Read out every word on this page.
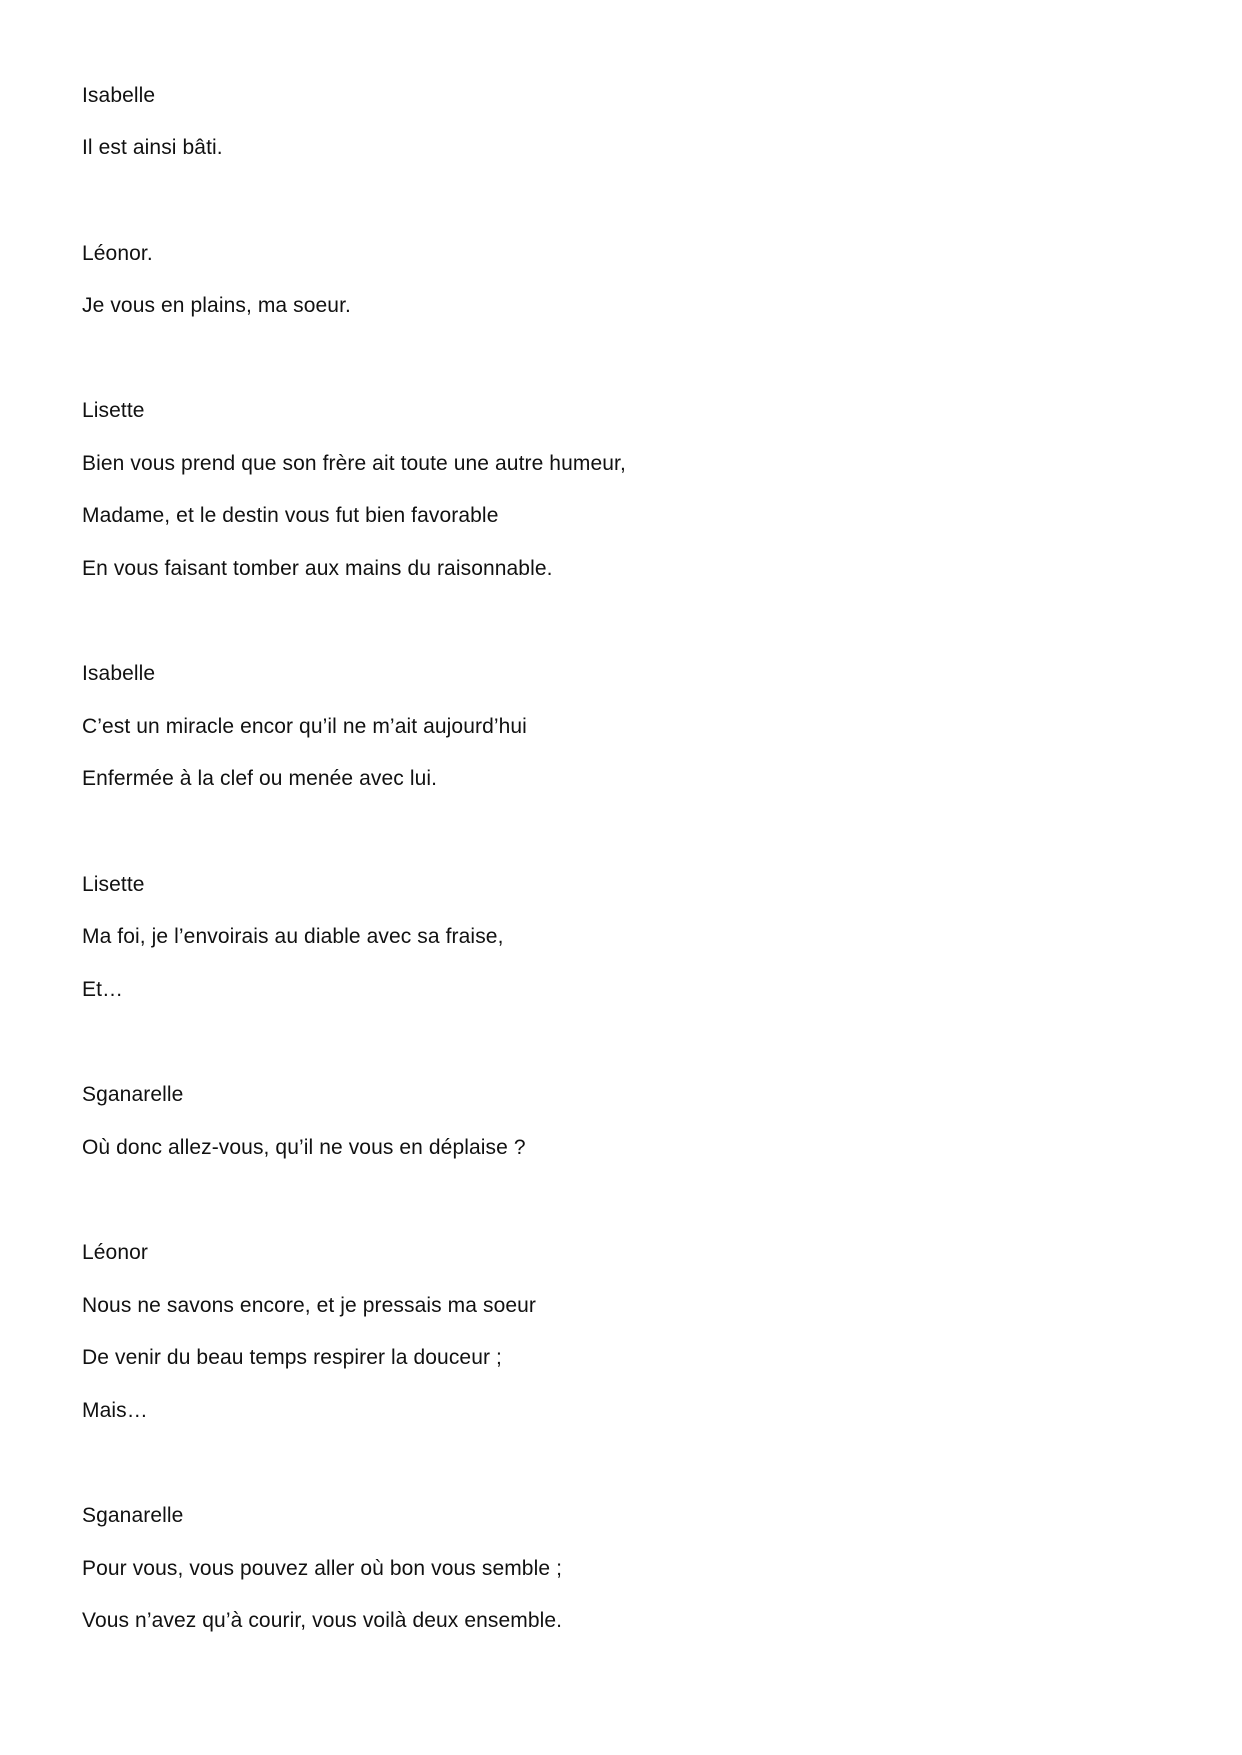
Isabelle
Il est ainsi bâti.
Léonor.
Je vous en plains, ma soeur.
Lisette
Bien vous prend que son frère ait toute une autre humeur,
Madame, et le destin vous fut bien favorable
En vous faisant tomber aux mains du raisonnable.
Isabelle
C’est un miracle encor qu’il ne m’ait aujourd’hui
Enfermée à la clef ou menée avec lui.
Lisette
Ma foi, je l’envoirais au diable avec sa fraise,
Et…
Sganarelle
Où donc allez-vous, qu’il ne vous en déplaise ?
Léonor
Nous ne savons encore, et je pressais ma soeur
De venir du beau temps respirer la douceur ;
Mais…
Sganarelle
Pour vous, vous pouvez aller où bon vous semble ;
Vous n’avez qu’à courir, vous voilà deux ensemble.
